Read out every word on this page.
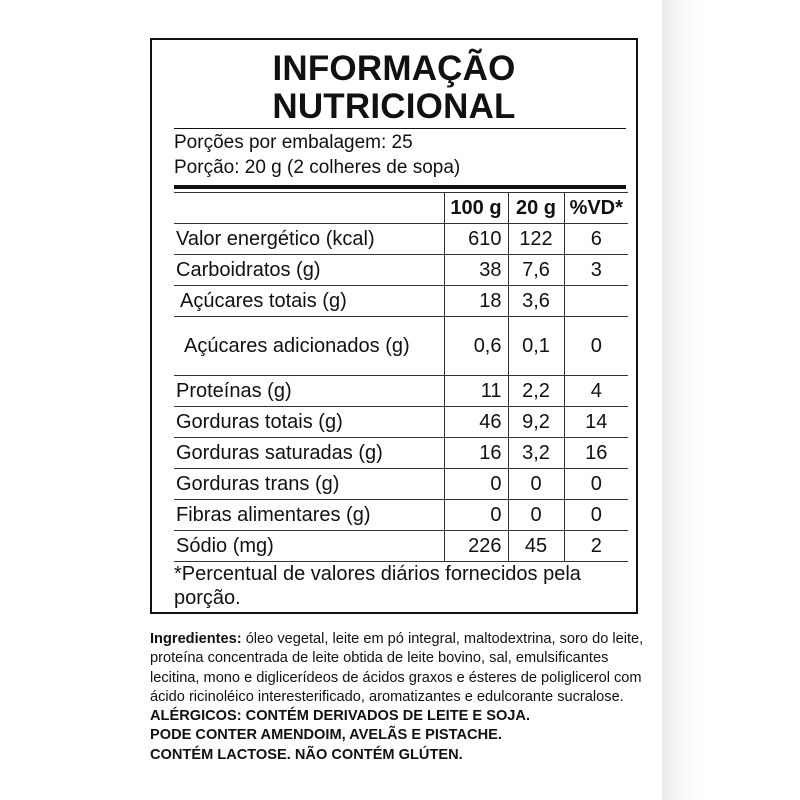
INFORMAÇÃO
NUTRICIONAL
Porções por embalagem: 25
Porção: 20 g (2 colheres de sopa)
	100 g	20 g	%VD*
Valor energético (kcal)	610	122	6
Carboidratos (g)	38	7,6	3
Açúcares totais (g)	18	3,6	
Açúcares adicionados (g)	0,6	0,1	0
Proteínas (g)	11	2,2	4
Gorduras totais (g)	46	9,2	14
Gorduras saturadas (g)	16	3,2	16
Gorduras trans (g)	0	0	0
Fibras alimentares (g)	0	0	0
Sódio (mg)	226	45	2
*Percentual de valores diários fornecidos pela porção.
Ingredientes: óleo vegetal, leite em pó integral, maltodextrina, soro do leite, proteína concentrada de leite obtida de leite bovino, sal, emulsificantes lecitina, mono e diglicerídeos de ácidos graxos e ésteres de poliglicerol com ácido ricinoléico interesterificado, aromatizantes e edulcorante sucralose.
ALÉRGICOS: CONTÉM DERIVADOS DE LEITE E SOJA.
PODE CONTER AMENDOIM, AVELÃS E PISTACHE.
CONTÉM LACTOSE. NÃO CONTÉM GLÚTEN.
